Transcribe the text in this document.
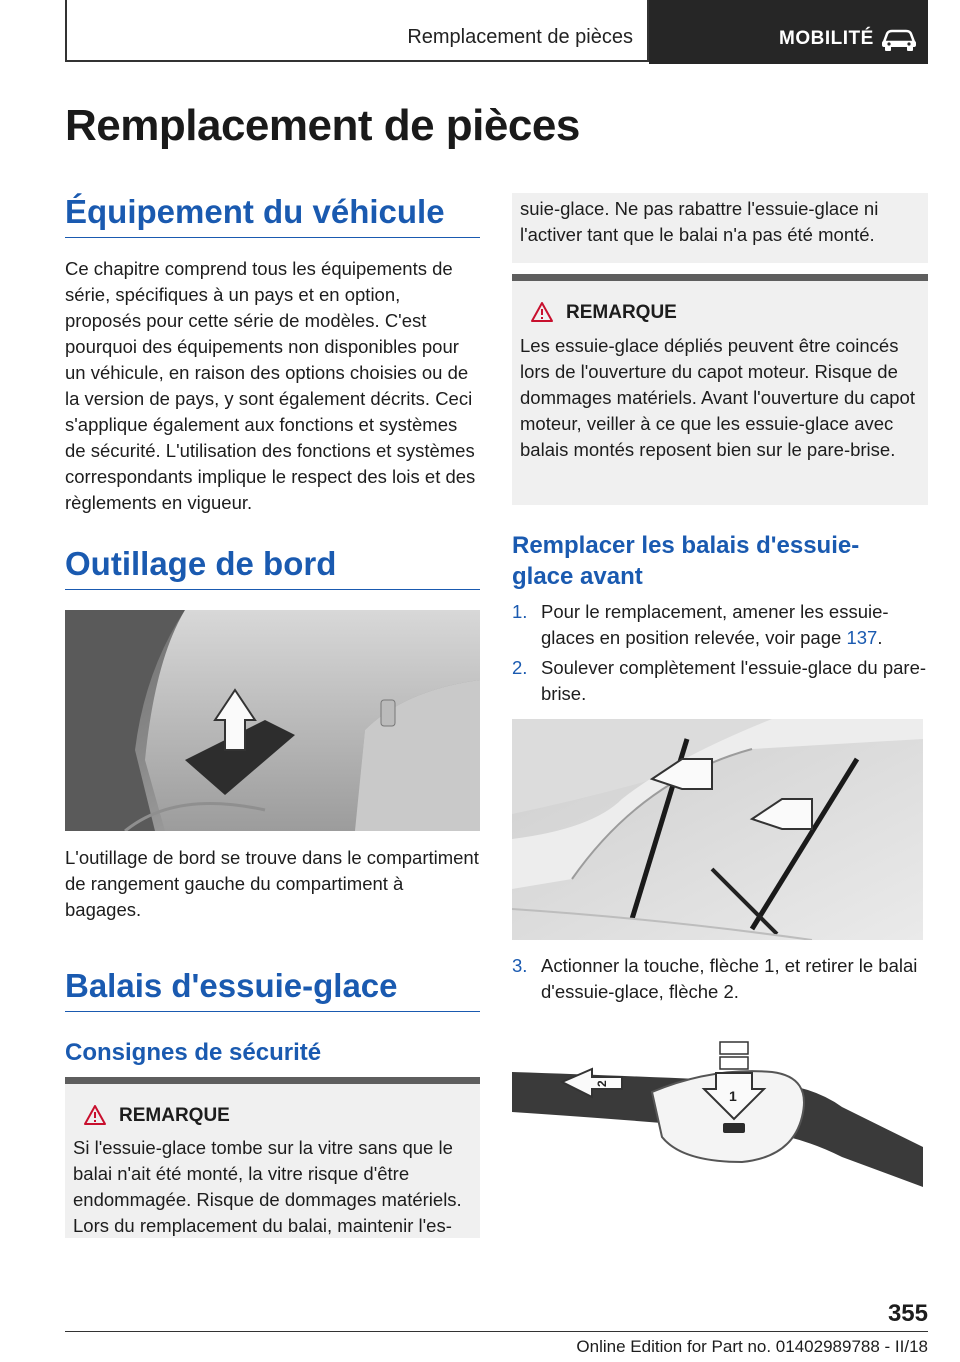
Remplacement de pièces	MOBILITÉ
Remplacement de pièces
Équipement du véhicule

Ce chapitre comprend tous les équipements de série, spécifiques à un pays et en option, proposés pour cette série de modèles. C'est pourquoi des équipements non disponibles pour un véhicule, en raison des options choisies ou de la version de pays, y sont également décrits. Ceci s'applique également aux fonctions et systèmes de sécurité. L'utilisation des fonctions et systèmes correspondants implique le respect des lois et des règlements en vigueur.

Outillage de bord

L'outillage de bord se trouve dans le compartiment de rangement gauche du compartiment à bagages.

Balais d'essuie-glace
Consignes de sécurité
REMARQUE
Si l'essuie-glace tombe sur la vitre sans que le balai n'ait été monté, la vitre risque d'être endommagée. Risque de dommages matériels. Lors du remplacement du balai, maintenir l'es-
suie-glace. Ne pas rabattre l'essuie-glace ni l'activer tant que le balai n'a pas été monté.
REMARQUE
Les essuie-glace dépliés peuvent être coincés lors de l'ouverture du capot moteur. Risque de dommages matériels. Avant l'ouverture du capot moteur, veiller à ce que les essuie-glace avec balais montés reposent bien sur le pare-brise.
Remplacer les balais d'essuie-glace avant
1. Pour le remplacement, amener les essuie-glaces en position relevée, voir page 137.
2. Soulever complètement l'essuie-glace du pare-brise.
3. Actionner la touche, flèche 1, et retirer le balai d'essuie-glace, flèche 2.
2
1
355
Online Edition for Part no. 01402989788 - II/18
